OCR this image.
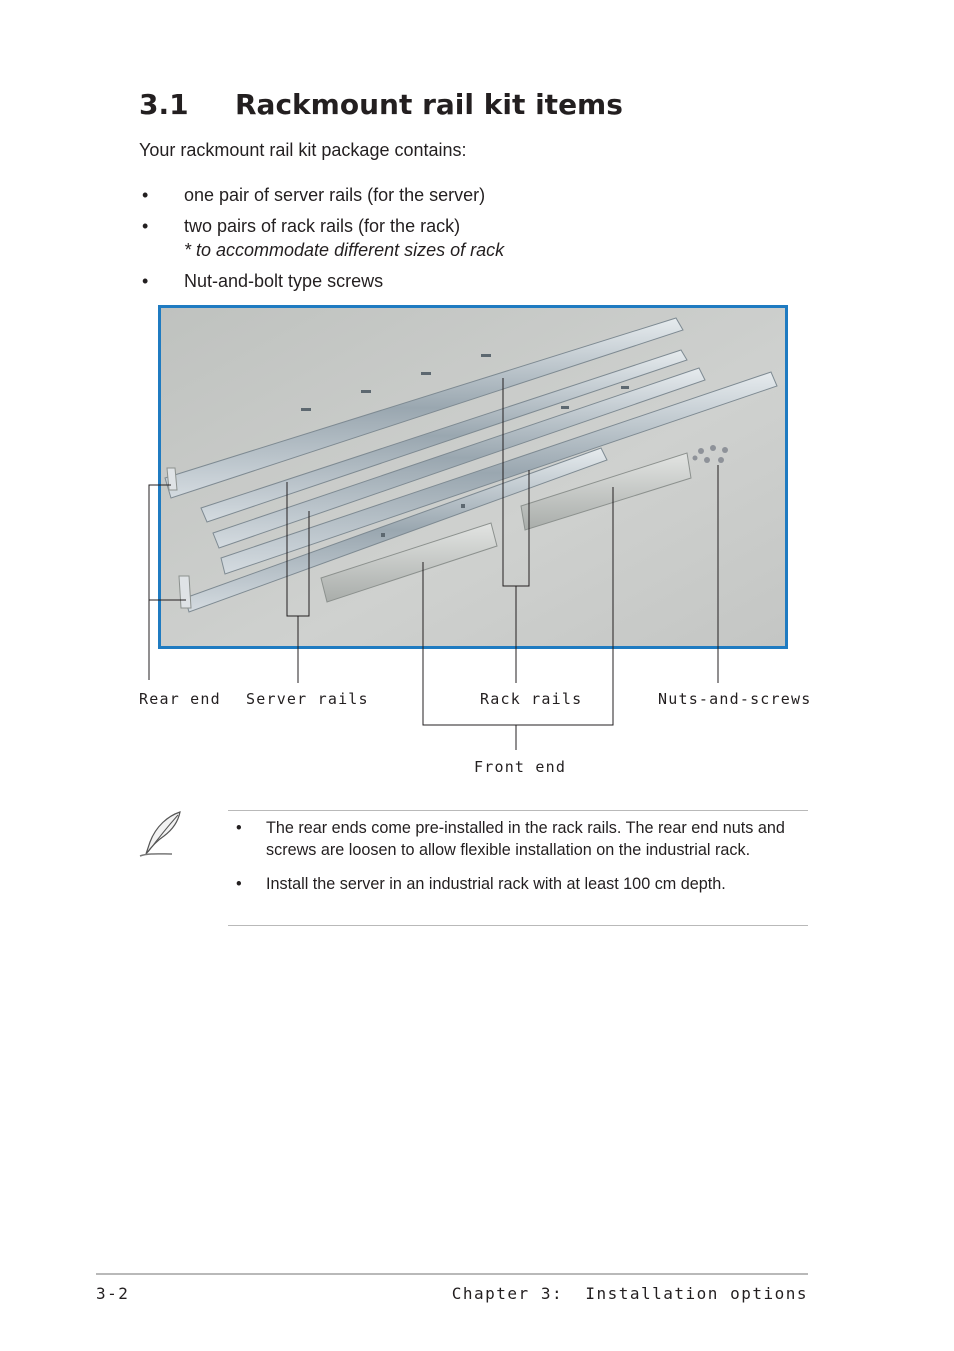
3.1 Rackmount rail kit items

Your rackmount rail kit package contains:

• one pair of server rails (for the server)
• two pairs of rack rails (for the rack)
* to accommodate different sizes of rack
• Nut-and-bolt type screws
Rear end Server rails	Rack rails	Nuts-and-screws
Front end
• The rear ends come pre-installed in the rack rails. The rear end nuts and screws are loosen to allow flexible installation on the industrial rack.
• Install the server in an industrial rack with at least 100 cm depth.
3-2	Chapter 3:  Installation options
